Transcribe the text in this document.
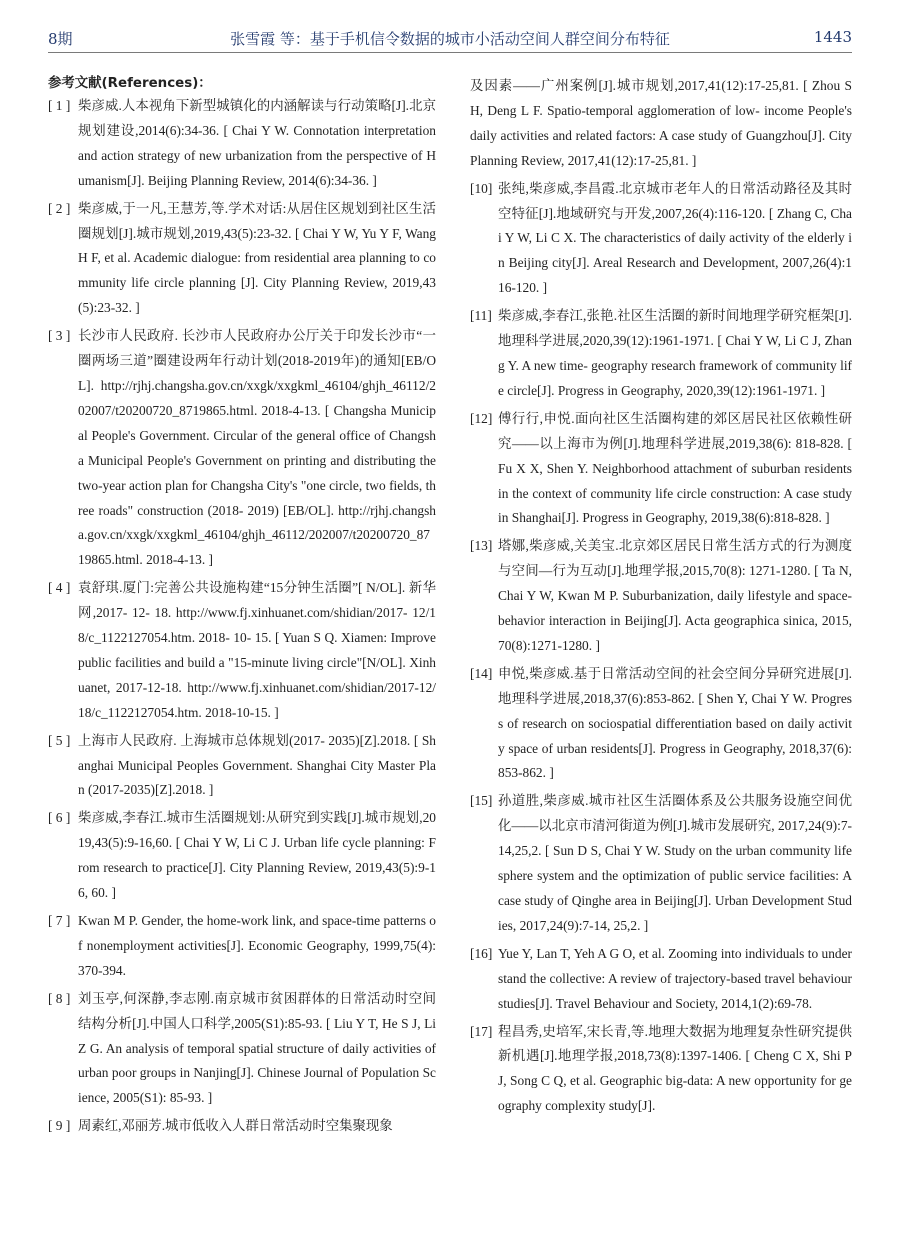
8期	张雪霞 等：基于手机信令数据的城市小活动空间人群空间分布特征	1443
参考文献(References)：
[ 1 ] 柴彦威.人本视角下新型城镇化的内涵解读与行动策略[J].北京规划建设,2014(6):34-36. [ Chai Y W. Connotation interpretation and action strategy of new urbanization from the perspective of Humanism[J]. Beijing Planning Review, 2014(6):34-36. ]
[ 2 ] 柴彦威,于一凡,王慧芳,等.学术对话:从居住区规划到社区生活圈规划[J].城市规划,2019,43(5):23-32. [ Chai Y W, Yu Y F, Wang H F, et al. Academic dialogue: from residential area planning to community life circle planning [J]. City Planning Review, 2019,43(5):23-32. ]
[ 3 ] 长沙市人民政府. 长沙市人民政府办公厅关于印发长沙市“一圈两场三道”圈建设两年行动计划(2018-2019年)的通知[EB/OL]. http://rjhj.changsha.gov.cn/xxgk/xxgkml_46104/ghjh_46112/202007/t20200720_8719865.html. 2018-4-13. [ Changsha Municipal People's Government. Circular of the general office of Changsha Municipal People's Government on printing and distributing the two-year action plan for Changsha City's "one circle, two fields, three roads" construction (2018- 2019) [EB/OL]. http://rjhj.changsha.gov.cn/xxgk/xxgkml_46104/ghjh_46112/202007/t20200720_8719865.html. 2018-4-13. ]
[ 4 ] 袁舒琪.厦门:完善公共设施构建“15分钟生活圈”[ N/OL]. 新华网,2017- 12- 18. http://www.fj.xinhuanet.com/shidian/2017- 12/18/c_1122127054.htm. 2018- 10- 15. [ Yuan S Q. Xiamen: Improve public facilities and build a "15-minute living circle"[N/OL]. Xinhuanet, 2017-12-18. http://www.fj.xinhuanet.com/shidian/2017-12/18/c_1122127054.htm. 2018-10-15. ]
[ 5 ] 上海市人民政府. 上海城市总体规划(2017- 2035)[Z].2018. [ Shanghai Municipal Peoples Government. Shanghai City Master Plan (2017-2035)[Z].2018. ]
[ 6 ] 柴彦威,李春江.城市生活圈规划:从研究到实践[J].城市规划,2019,43(5):9-16,60. [ Chai Y W, Li C J. Urban life cycle planning: From research to practice[J]. City Planning Review, 2019,43(5):9-16, 60. ]
[ 7 ] Kwan M P. Gender, the home-work link, and space-time patterns of nonemployment activities[J]. Economic Geography, 1999,75(4):370-394.
[ 8 ] 刘玉亭,何深静,李志刚.南京城市贫困群体的日常活动时空间结构分析[J].中国人口科学,2005(S1):85-93. [ Liu Y T, He S J, Li Z G. An analysis of temporal spatial structure of daily activities of urban poor groups in Nanjing[J]. Chinese Journal of Population Science, 2005(S1): 85-93. ]
[ 9 ] 周素红,邓丽芳.城市低收入人群日常活动时空集聚现象
及因素——广州案例[J].城市规划,2017,41(12):17-25,81. [ Zhou S H, Deng L F. Spatio-temporal agglomeration of low- income People's daily activities and related factors: A case study of Guangzhou[J]. City Planning Review, 2017,41(12):17-25,81. ]
[10] 张纯,柴彦威,李昌霞.北京城市老年人的日常活动路径及其时空特征[J].地域研究与开发,2007,26(4):116-120. [ Zhang C, Chai Y W, Li C X. The characteristics of daily activity of the elderly in Beijing city[J]. Areal Research and Development, 2007,26(4):116-120. ]
[11] 柴彦威,李春江,张艳.社区生活圈的新时间地理学研究框架[J].地理科学进展,2020,39(12):1961-1971. [ Chai Y W, Li C J, Zhang Y. A new time- geography research framework of community life circle[J]. Progress in Geography, 2020,39(12):1961-1971. ]
[12] 傅行行,申悦.面向社区生活圈构建的郊区居民社区依赖性研究——以上海市为例[J].地理科学进展,2019,38(6): 818-828. [ Fu X X, Shen Y. Neighborhood attachment of suburban residents in the context of community life circle construction: A case study in Shanghai[J]. Progress in Geography, 2019,38(6):818-828. ]
[13] 塔娜,柴彦威,关美宝.北京郊区居民日常生活方式的行为测度与空间—行为互动[J].地理学报,2015,70(8): 1271-1280. [ Ta N, Chai Y W, Kwan M P. Suburbanization, daily lifestyle and space- behavior interaction in Beijing[J]. Acta geographica sinica, 2015,70(8):1271-1280. ]
[14] 申悦,柴彦威.基于日常活动空间的社会空间分异研究进展[J].地理科学进展,2018,37(6):853-862. [ Shen Y, Chai Y W. Progress of research on sociospatial differentiation based on daily activity space of urban residents[J]. Progress in Geography, 2018,37(6):853-862. ]
[15] 孙道胜,柴彦威.城市社区生活圈体系及公共服务设施空间优化——以北京市清河街道为例[J].城市发展研究, 2017,24(9):7-14,25,2. [ Sun D S, Chai Y W. Study on the urban community life sphere system and the optimization of public service facilities: A case study of Qinghe area in Beijing[J]. Urban Development Studies, 2017,24(9):7-14, 25,2. ]
[16] Yue Y, Lan T, Yeh A G O, et al. Zooming into individuals to understand the collective: A review of trajectory-based travel behaviour studies[J]. Travel Behaviour and Society, 2014,1(2):69-78.
[17] 程昌秀,史培军,宋长青,等.地理大数据为地理复杂性研究提供新机遇[J].地理学报,2018,73(8):1397-1406. [ Cheng C X, Shi P J, Song C Q, et al. Geographic big-data: A new opportunity for geography complexity study[J].
